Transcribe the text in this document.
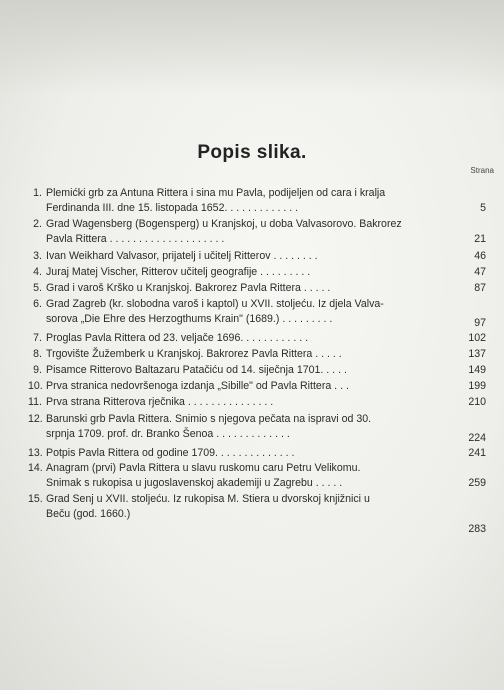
Popis slika.
Strana
1. Plemićki grb za Antuna Rittera i sina mu Pavla, podijeljen od cara i kralja
Ferdinanda III. dne 15. listopada 1652. . . . . . . . . . . . .	5
2. Grad Wagensberg (Bogensperg) u Kranjskoj, u doba Valvasorovo. Bakrorez
Pavla Rittera . . . . . . . . . . . . . . . . . . . .	21
3. Ivan Weikhard Valvasor, prijatelj i učitelj Ritterov . . . . . . . .	46
4. Juraj Matej Vischer, Ritterov učitelj geografije . . . . . . . . .	47
5. Grad i varoš Krško u Kranjskoj. Bakrorez Pavla Rittera . . . . .	87
6. Grad Zagreb (kr. slobodna varoš i kaptol) u XVII. stoljeću. Iz djela Valva-
sorova „Die Ehre des Herzogthums Krain" (1689.) . . . . . . . . .	97
7. Proglas Pavla Rittera od 23. veljače 1696. . . . . . . . . . . .	102
8. Trgovište Žužemberk u Kranjskoj. Bakrorez Pavla Rittera . . . . .	137
9. Pisamce Ritterovo Baltazaru Patačiću od 14. siječnja 1701. . . . .	149
10. Prva stranica nedovršenoga izdanja „Sibille" od Pavla Rittera . . .	199
11. Prva strana Ritterova rječnika . . . . . . . . . . . . . . .	210
12. Barunski grb Pavla Rittera. Snimio s njegova pečata na ispravi od 30.
srpnja 1709. prof. dr. Branko Šenoa . . . . . . . . . . . . .	224
13. Potpis Pavla Rittera od godine 1709. . . . . . . . . . . . . .	241
14. Anagram (prvi) Pavla Rittera u slavu ruskomu caru Petru Velikomu.
Snimak s rukopisa u jugoslavenskoj akademiji u Zagrebu . . . . .	259
15. Grad Senj u XVII. stoljeću. Iz rukopisa M. Stiera u dvorskoj knjižnici u
Beču (god. 1660.)
283
